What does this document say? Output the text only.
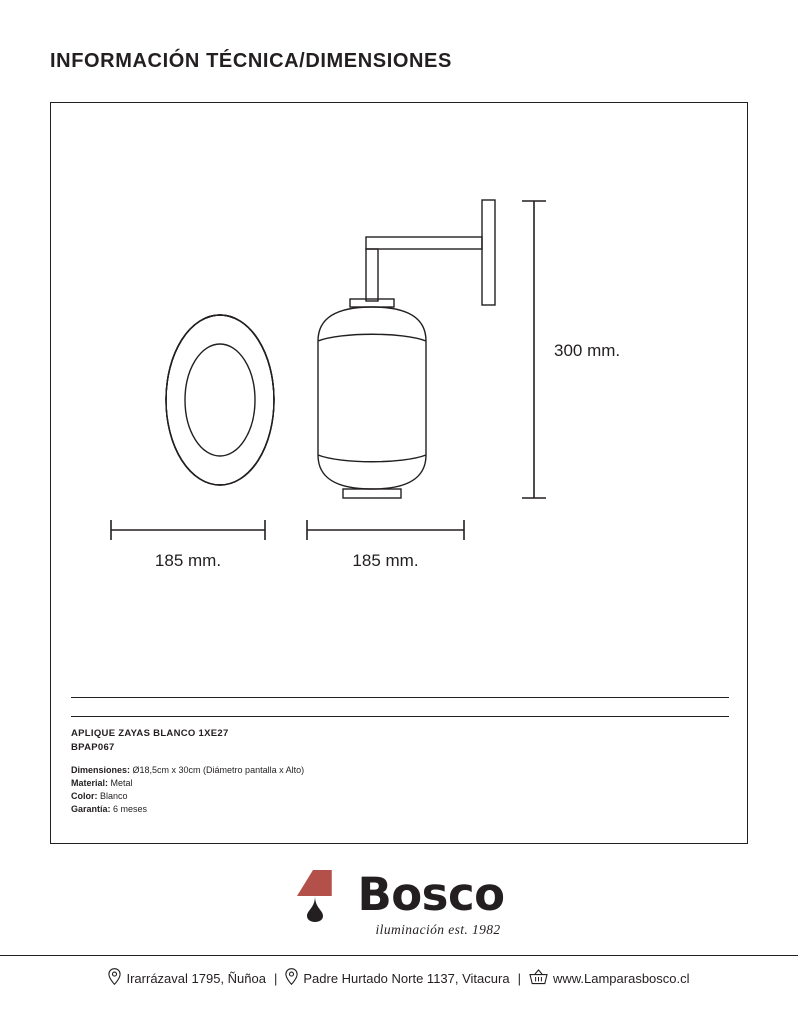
INFORMACIÓN TÉCNICA/DIMENSIONES
185 mm.	185 mm.
300 mm.
APLIQUE ZAYAS BLANCO 1XE27
BPAP067
Dimensiones: Ø18,5cm x 30cm (Diámetro pantalla x Alto)
Material: Metal
Color: Blanco
Garantía: 6 meses
Bosco
iluminación est. 1982
Irarrázaval 1795, Ñuñoa | Padre Hurtado Norte 1137, Vitacura | www.Lamparasbosco.cl
